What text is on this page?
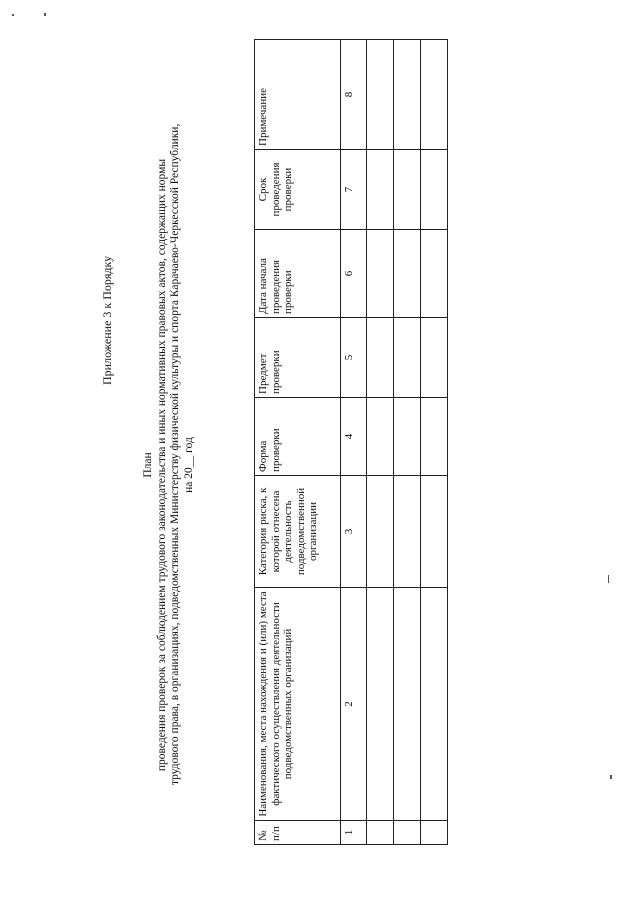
Приложение 3 к Порядку
План проведения проверок за соблюдением трудового законодательства и иных нормативных правовых актов, содержащих нормы трудового права, в организациях, подведомственных Министерству физической культуры и спорта Карачаево-Черкесской Республики, на 20__ год
№ п/п	Наименования, места нахождения и (или) места фактического осуществления деятельности подведомственных организаций	Категория риска, к которой отнесена деятельность подведомственной организации	Форма проверки	Предмет проверки	Дата начала проведения проверки	Срок проведения проверки	Примечание
1	2	3	4	5	6	7	8
